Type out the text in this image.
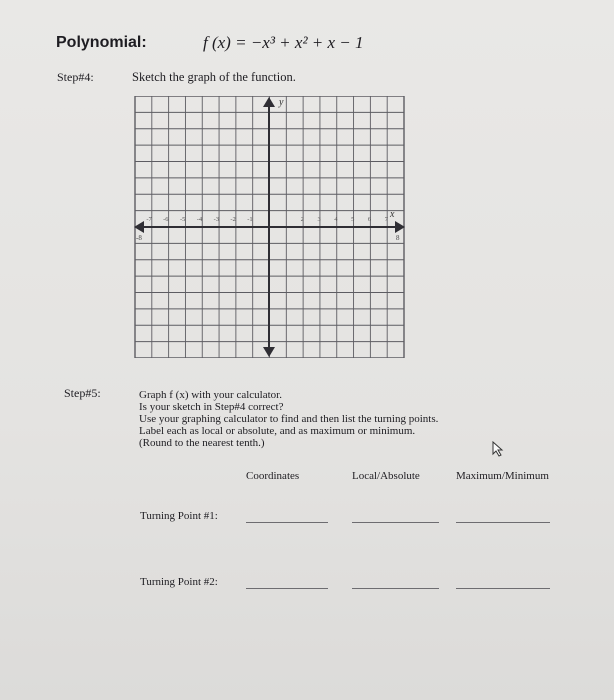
Polynomial:	f (x) = −x³ + x² + x − 1
Step#4:	Sketch the graph of the function.
y
x
-8	8
-7 -6 -5 -4 -3 -2 -1	2 3 4 5 6 7
Step#5:	Graph f (x) with your calculator.
Is your sketch in Step#4 correct?
Use your graphing calculator to find and then list the turning points.
Label each as local or absolute, and as maximum or minimum.
(Round to the nearest tenth.)
Coordinates	Local/Absolute	Maximum/Minimum
Turning Point #1:
Turning Point #2:
